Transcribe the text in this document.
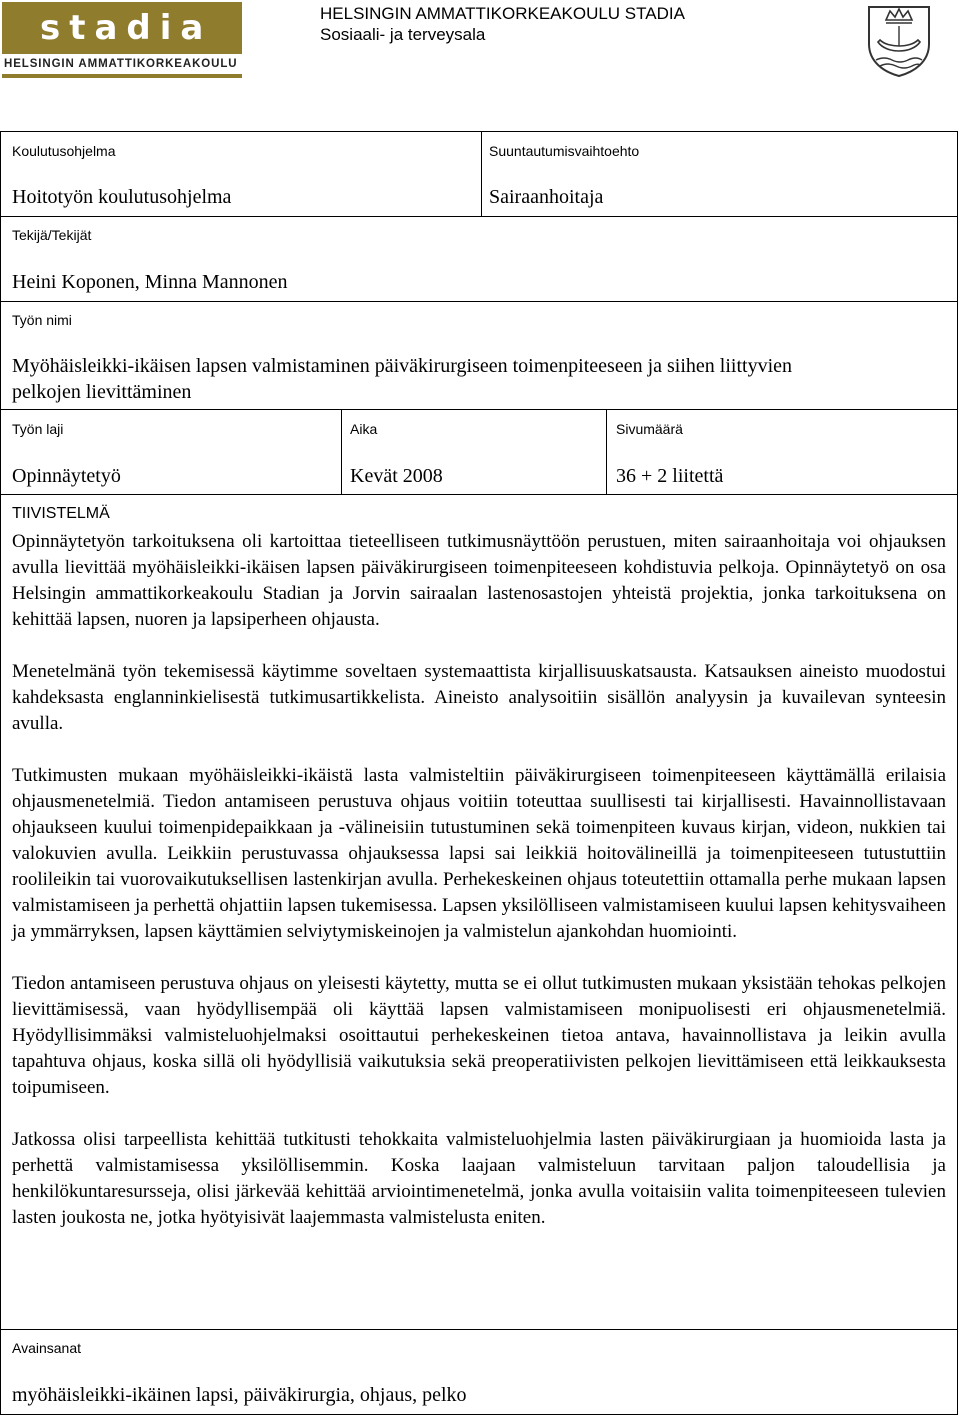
stadia
HELSINGIN AMMATTIKORKEAKOULU
HELSINGIN AMMATTIKORKEAKOULU STADIA
Sosiaali- ja terveysala
Koulutusohjelma
Hoitotyön koulutusohjelma
Suuntautumisvaihtoehto
Sairaanhoitaja
Tekijä/Tekijät
Heini Koponen, Minna Mannonen
Työn nimi
Myöhäisleikki-ikäisen lapsen valmistaminen päiväkirurgiseen toimenpiteeseen ja siihen liittyvien
pelkojen lievittäminen
Työn laji
Opinnäytetyö
Aika
Kevät 2008
Sivumäärä
36 + 2 liitettä
TIIVISTELMÄ

Opinnäytetyön tarkoituksena oli kartoittaa tieteelliseen tutkimusnäyttöön perustuen, miten sairaanhoitaja voi ohjauksen avulla lievittää myöhäisleikki-ikäisen lapsen päiväkirurgiseen toimenpiteeseen kohdistuvia pelkoja. Opinnäytetyö on osa Helsingin ammattikorkeakoulu Stadian ja Jorvin sairaalan lastenosastojen yhteistä projektia, jonka tarkoituksena on kehittää lapsen, nuoren ja lapsiperheen ohjausta.

Menetelmänä työn tekemisessä käytimme soveltaen systemaattista kirjallisuuskatsausta. Katsauksen aineisto muodostui kahdeksasta englanninkielisestä tutkimusartikkelista. Aineisto analysoitiin sisällön analyysin ja kuvailevan synteesin avulla.

Tutkimusten mukaan myöhäisleikki-ikäistä lasta valmisteltiin päiväkirurgiseen toimenpiteeseen käyttämällä erilaisia ohjausmenetelmiä. Tiedon antamiseen perustuva ohjaus voitiin toteuttaa suullisesti tai kirjallisesti. Havainnollistavaan ohjaukseen kuului toimenpidepaikkaan ja -välineisiin tutustuminen sekä toimenpiteen kuvaus kirjan, videon, nukkien tai valokuvien avulla. Leikkiin perustuvassa ohjauksessa lapsi sai leikkiä hoitovälineillä ja toimenpiteeseen tutustuttiin roolileikin tai vuorovaikutuksellisen lastenkirjan avulla. Perhekeskeinen ohjaus toteutettiin ottamalla perhe mukaan lapsen valmistamiseen ja perhettä ohjattiin lapsen tukemisessa. Lapsen yksilölliseen valmistamiseen kuului lapsen kehitysvaiheen ja ymmärryksen, lapsen käyttämien selviytymiskeinojen ja valmistelun ajankohdan huomiointi.

Tiedon antamiseen perustuva ohjaus on yleisesti käytetty, mutta se ei ollut tutkimusten mukaan yksistään tehokas pelkojen lievittämisessä, vaan hyödyllisempää oli käyttää lapsen valmistamiseen monipuolisesti eri ohjausmenetelmiä. Hyödyllisimmäksi valmisteluohjelmaksi osoittautui perhekeskeinen tietoa antava, havainnollistava ja leikin avulla tapahtuva ohjaus, koska sillä oli hyödyllisiä vaikutuksia sekä preoperatiivisten pelkojen lievittämiseen että leikkauksesta toipumiseen.

Jatkossa olisi tarpeellista kehittää tutkitusti tehokkaita valmisteluohjelmia lasten päiväkirurgiaan ja huomioida lasta ja perhettä valmistamisessa yksilöllisemmin. Koska laajaan valmisteluun tarvitaan paljon taloudellisia ja henkilökuntaresursseja, olisi järkevää kehittää arviointimenetelmä, jonka avulla voitaisiin valita toimenpiteeseen tulevien lasten joukosta ne, jotka hyötyisivät laajemmasta valmistelusta eniten.

Avainsanat
myöhäisleikki-ikäinen lapsi, päiväkirurgia, ohjaus, pelko
